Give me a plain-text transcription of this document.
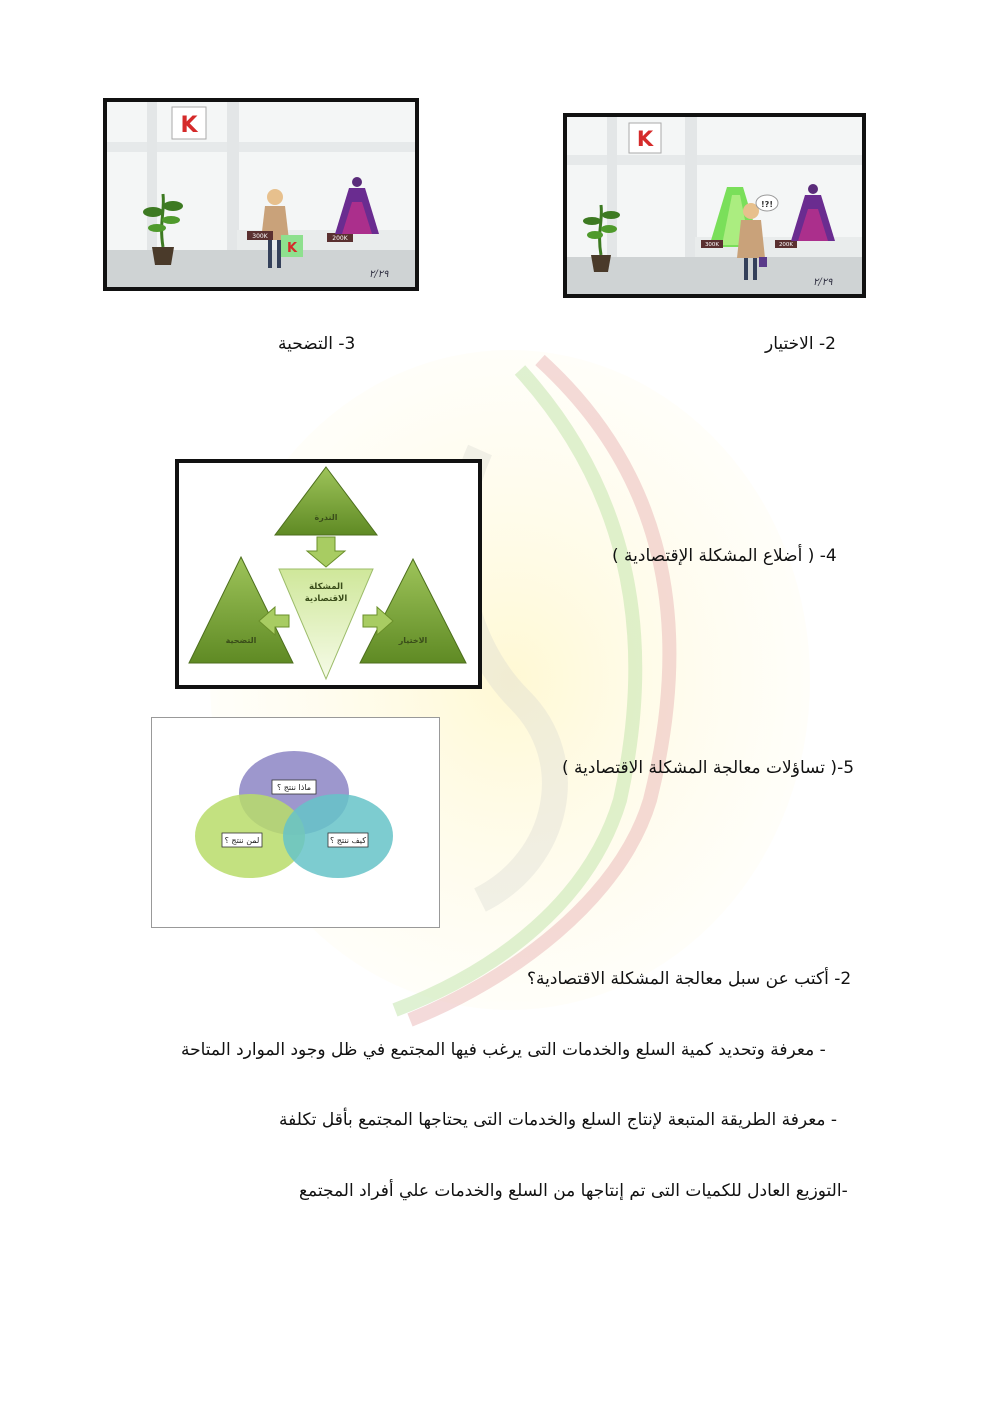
K
K
300K	200K
٢/٢٩
K
!?!
300K	200K
٢/٢٩
3- التضحية	2- الاختيار
الندرة
المشكلة
الاقتصادية
المشكلة الاقتصادية
التضحية	الاختيار
4- ( أضلاع المشكلة الإقتصادية )
ماذا ننتج ؟
لمن ننتج ؟	كيف ننتج ؟
5-( تساؤلات معالجة المشكلة الاقتصادية )
2- أكتب عن سبل معالجة المشكلة الاقتصادية؟
- معرفة وتحديد كمية السلع والخدمات التى يرغب فيها المجتمع في ظل وجود الموارد المتاحة
- معرفة الطريقة المتبعة لإنتاج السلع والخدمات التى يحتاجها المجتمع بأقل تكلفة
-التوزيع العادل للكميات التى تم إنتاجها من السلع والخدمات علي أفراد المجتمع
